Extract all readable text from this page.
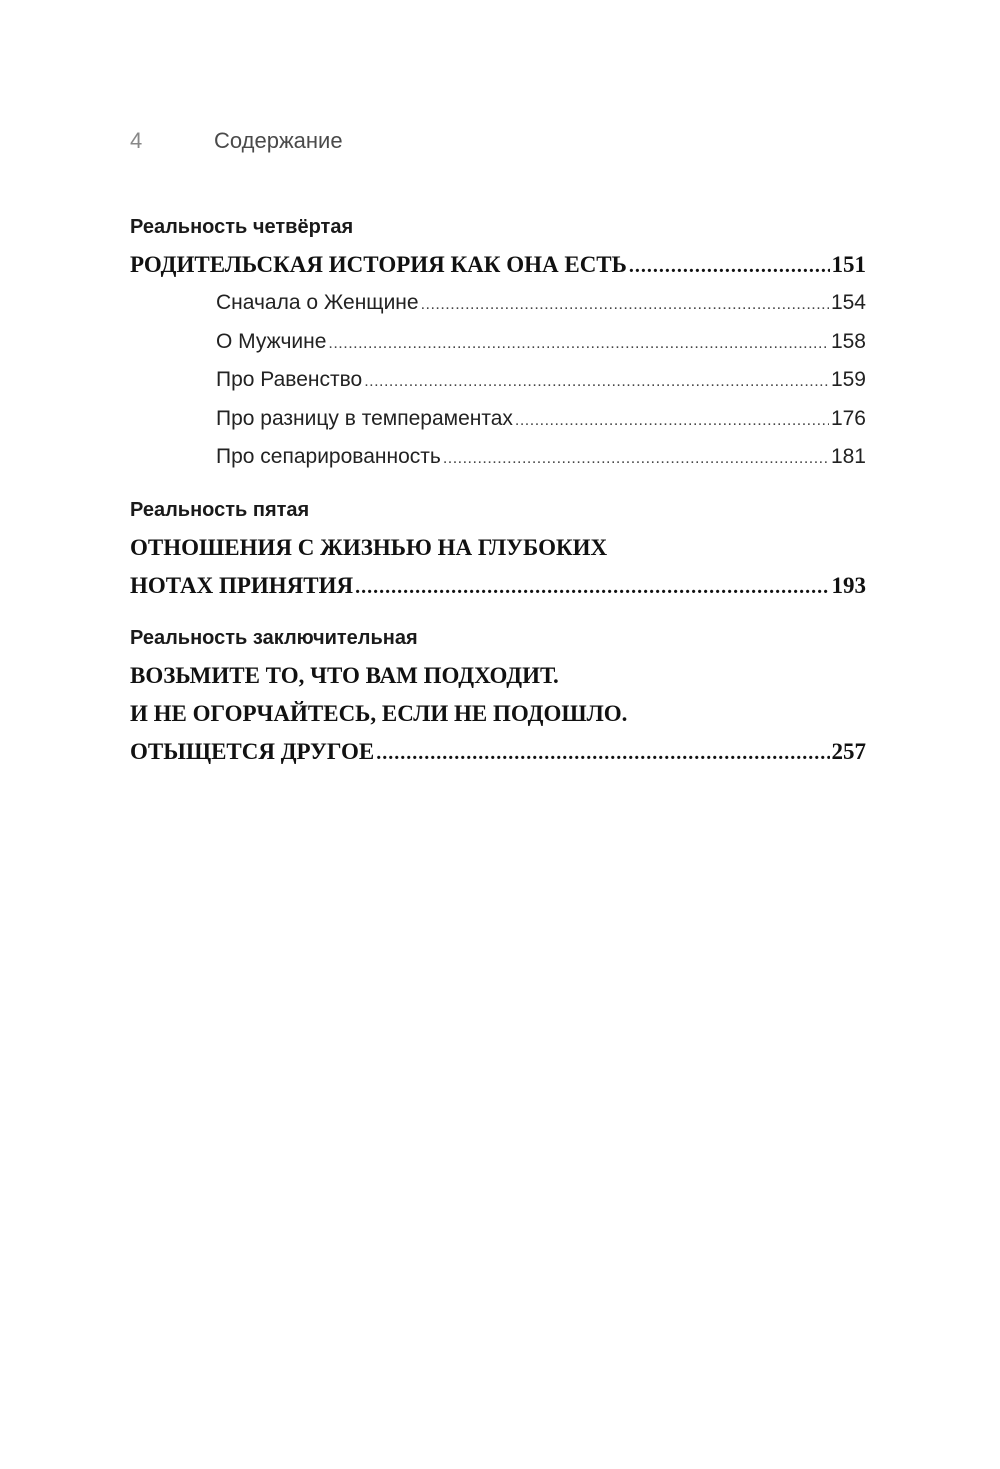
4	Содержание
Реальность четвёртая
РОДИТЕЛЬСКАЯ ИСТОРИЯ КАК ОНА ЕСТЬ .....	151
Сначала о Женщине .....	154
О Мужчине .....	158
Про Равенство .....	159
Про разницу в темпераментах .....	176
Про сепарированность .....	181
Реальность пятая
ОТНОШЕНИЯ С ЖИЗНЬЮ НА ГЛУБОКИХ
НОТАХ ПРИНЯТИЯ .....	193
Реальность заключительная
ВОЗЬМИТЕ ТО, ЧТО ВАМ ПОДХОДИТ.
И НЕ ОГОРЧАЙТЕСЬ, ЕСЛИ НЕ ПОДОШЛО.
ОТЫЩЕТСЯ ДРУГОЕ .....	257
